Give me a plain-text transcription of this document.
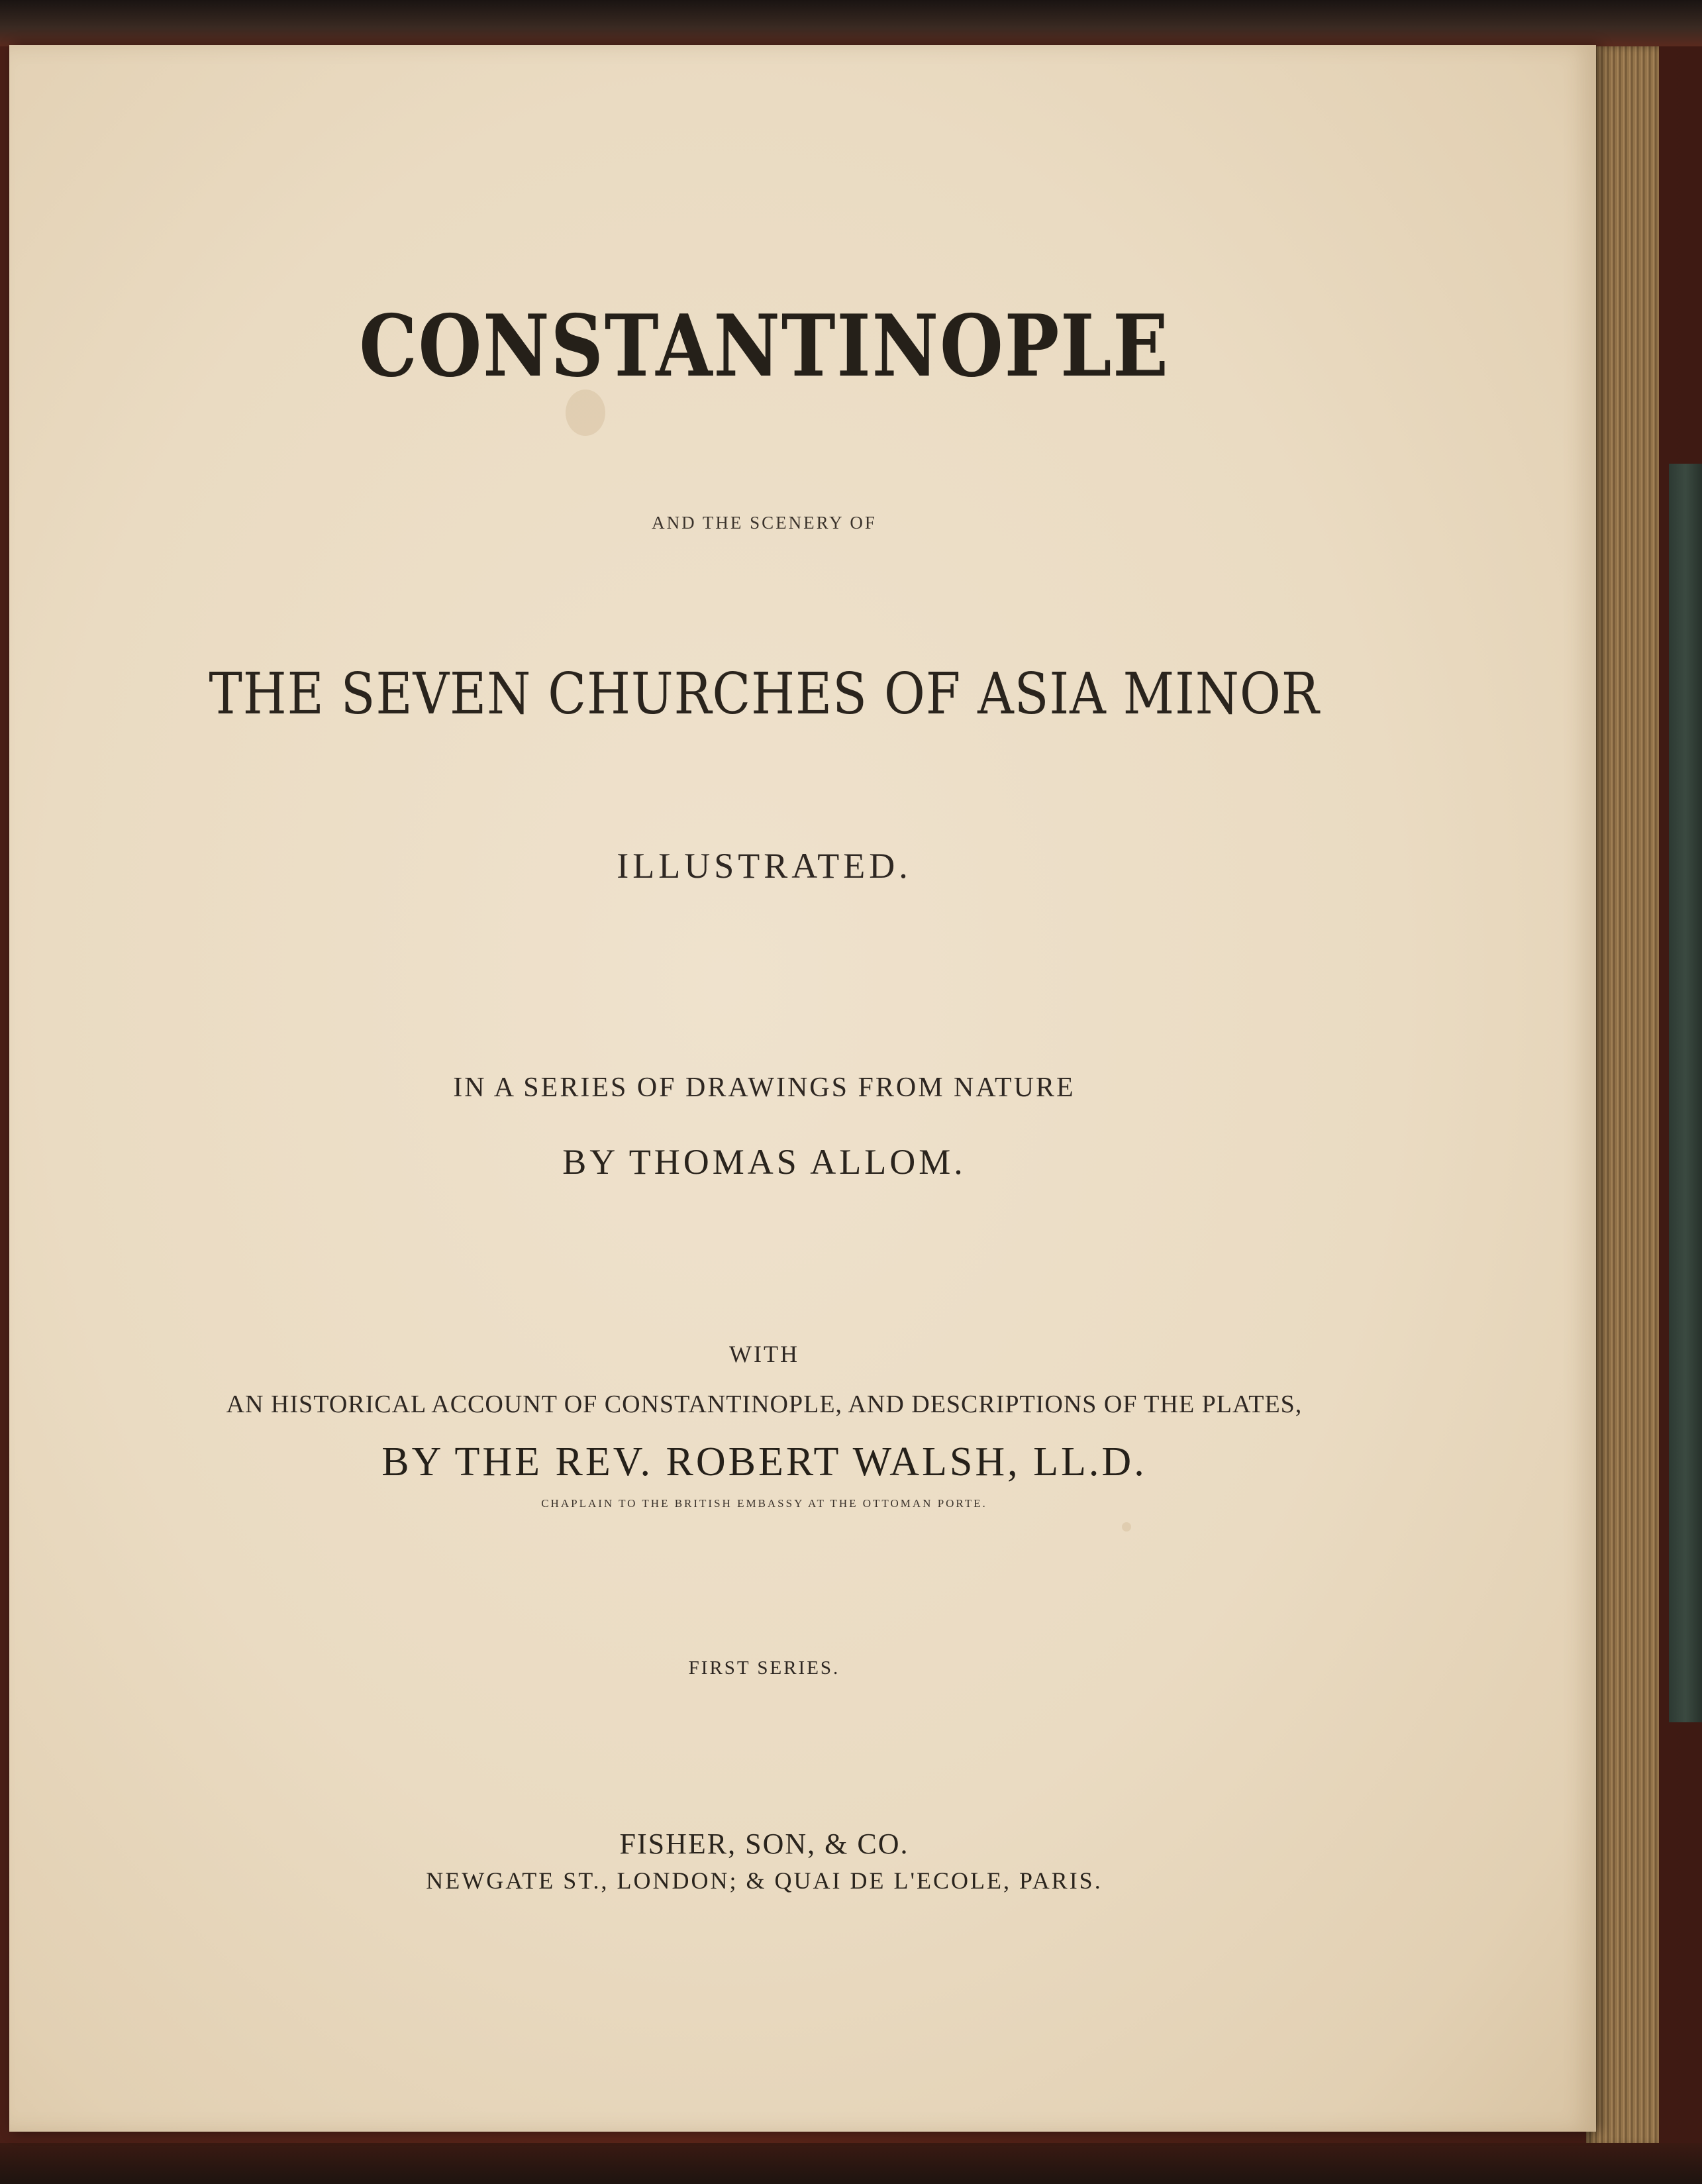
CONSTANTINOPLE
AND THE SCENERY OF
THE SEVEN CHURCHES OF ASIA MINOR
ILLUSTRATED.
IN A SERIES OF DRAWINGS FROM NATURE
BY THOMAS ALLOM.
WITH
AN HISTORICAL ACCOUNT OF CONSTANTINOPLE, AND DESCRIPTIONS OF THE PLATES,
BY THE REV. ROBERT WALSH, LL.D.
CHAPLAIN TO THE BRITISH EMBASSY AT THE OTTOMAN PORTE.
FIRST SERIES.
FISHER, SON, & CO.
NEWGATE ST., LONDON; & QUAI DE L'ECOLE, PARIS.
